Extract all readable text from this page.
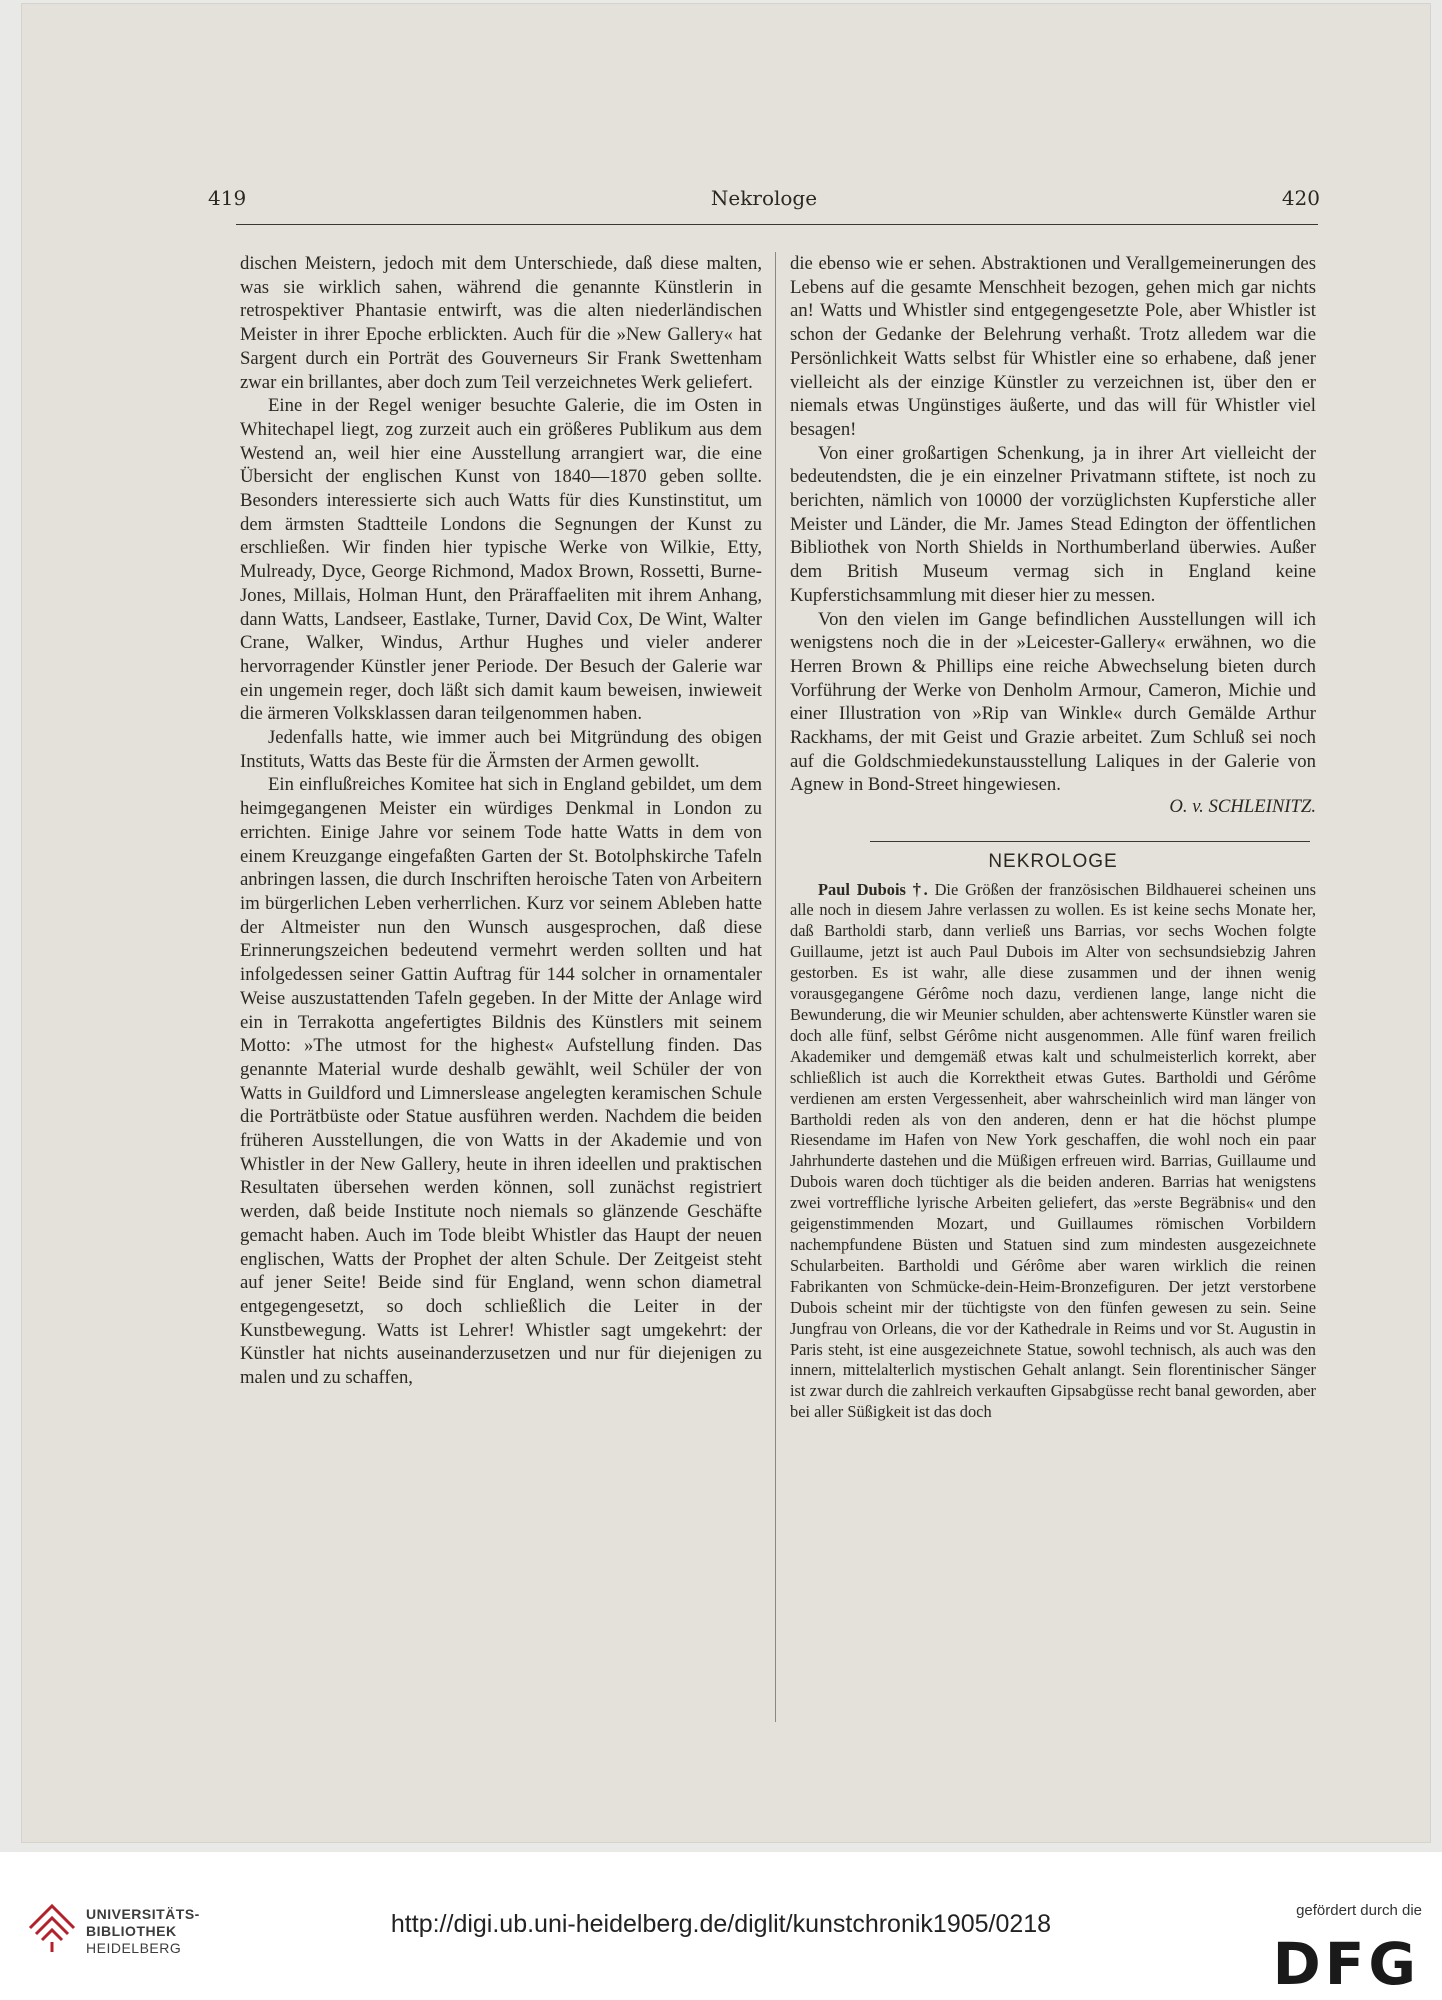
419	Nekrologe	420

dischen Meistern, jedoch mit dem Unterschiede, daß diese malten, was sie wirklich sahen, während die genannte Künstlerin in retrospektiver Phantasie entwirft, was die alten niederländischen Meister in ihrer Epoche erblickten. Auch für die »New Gallery« hat Sargent durch ein Porträt des Gouverneurs Sir Frank Swettenham zwar ein brillantes, aber doch zum Teil verzeichnetes Werk geliefert.

Eine in der Regel weniger besuchte Galerie, die im Osten in Whitechapel liegt, zog zurzeit auch ein größeres Publikum aus dem Westend an, weil hier eine Ausstellung arrangiert war, die eine Übersicht der englischen Kunst von 1840—1870 geben sollte. Besonders interessierte sich auch Watts für dies Kunstinstitut, um dem ärmsten Stadtteile Londons die Segnungen der Kunst zu erschließen. Wir finden hier typische Werke von Wilkie, Etty, Mulready, Dyce, George Richmond, Madox Brown, Rossetti, Burne-Jones, Millais, Holman Hunt, den Präraffaeliten mit ihrem Anhang, dann Watts, Landseer, Eastlake, Turner, David Cox, De Wint, Walter Crane, Walker, Windus, Arthur Hughes und vieler anderer hervorragender Künstler jener Periode. Der Besuch der Galerie war ein ungemein reger, doch läßt sich damit kaum beweisen, inwieweit die ärmeren Volksklassen daran teilgenommen haben.

Jedenfalls hatte, wie immer auch bei Mitgründung des obigen Instituts, Watts das Beste für die Ärmsten der Armen gewollt.

Ein einflußreiches Komitee hat sich in England gebildet, um dem heimgegangenen Meister ein würdiges Denkmal in London zu errichten. Einige Jahre vor seinem Tode hatte Watts in dem von einem Kreuzgange eingefaßten Garten der St. Botolphskirche Tafeln anbringen lassen, die durch Inschriften heroische Taten von Arbeitern im bürgerlichen Leben verherrlichen. Kurz vor seinem Ableben hatte der Altmeister nun den Wunsch ausgesprochen, daß diese Erinnerungszeichen bedeutend vermehrt werden sollten und hat infolgedessen seiner Gattin Auftrag für 144 solcher in ornamentaler Weise auszustattenden Tafeln gegeben. In der Mitte der Anlage wird ein in Terrakotta angefertigtes Bildnis des Künstlers mit seinem Motto: »The utmost for the highest« Aufstellung finden. Das genannte Material wurde deshalb gewählt, weil Schüler der von Watts in Guildford und Limnerslease angelegten keramischen Schule die Porträtbüste oder Statue ausführen werden. Nachdem die beiden früheren Ausstellungen, die von Watts in der Akademie und von Whistler in der New Gallery, heute in ihren ideellen und praktischen Resultaten übersehen werden können, soll zunächst registriert werden, daß beide Institute noch niemals so glänzende Geschäfte gemacht haben. Auch im Tode bleibt Whistler das Haupt der neuen englischen, Watts der Prophet der alten Schule. Der Zeitgeist steht auf jener Seite! Beide sind für England, wenn schon diametral entgegengesetzt, so doch schließlich die Leiter in der Kunstbewegung. Watts ist Lehrer! Whistler sagt umgekehrt: der Künstler hat nichts auseinanderzusetzen und nur für diejenigen zu malen und zu schaffen,

die ebenso wie er sehen. Abstraktionen und Verallgemeinerungen des Lebens auf die gesamte Menschheit bezogen, gehen mich gar nichts an! Watts und Whistler sind entgegengesetzte Pole, aber Whistler ist schon der Gedanke der Belehrung verhaßt. Trotz alledem war die Persönlichkeit Watts selbst für Whistler eine so erhabene, daß jener vielleicht als der einzige Künstler zu verzeichnen ist, über den er niemals etwas Ungünstiges äußerte, und das will für Whistler viel besagen!

Von einer großartigen Schenkung, ja in ihrer Art vielleicht der bedeutendsten, die je ein einzelner Privatmann stiftete, ist noch zu berichten, nämlich von 10000 der vorzüglichsten Kupferstiche aller Meister und Länder, die Mr. James Stead Edington der öffentlichen Bibliothek von North Shields in Northumberland überwies. Außer dem British Museum vermag sich in England keine Kupferstichsammlung mit dieser hier zu messen.

Von den vielen im Gange befindlichen Ausstellungen will ich wenigstens noch die in der »Leicester-Gallery« erwähnen, wo die Herren Brown & Phillips eine reiche Abwechselung bieten durch Vorführung der Werke von Denholm Armour, Cameron, Michie und einer Illustration von »Rip van Winkle« durch Gemälde Arthur Rackhams, der mit Geist und Grazie arbeitet. Zum Schluß sei noch auf die Goldschmiedekunstausstellung Laliques in der Galerie von Agnew in Bond-Street hingewiesen.

O. v. SCHLEINITZ.
NEKROLOGE

Paul Dubois †. Die Größen der französischen Bildhauerei scheinen uns alle noch in diesem Jahre verlassen zu wollen. Es ist keine sechs Monate her, daß Bartholdi starb, dann verließ uns Barrias, vor sechs Wochen folgte Guillaume, jetzt ist auch Paul Dubois im Alter von sechsundsiebzig Jahren gestorben. Es ist wahr, alle diese zusammen und der ihnen wenig vorausgegangene Gérôme noch dazu, verdienen lange, lange nicht die Bewunderung, die wir Meunier schulden, aber achtenswerte Künstler waren sie doch alle fünf, selbst Gérôme nicht ausgenommen. Alle fünf waren freilich Akademiker und demgemäß etwas kalt und schulmeisterlich korrekt, aber schließlich ist auch die Korrektheit etwas Gutes. Bartholdi und Gérôme verdienen am ersten Vergessenheit, aber wahrscheinlich wird man länger von Bartholdi reden als von den anderen, denn er hat die höchst plumpe Riesendame im Hafen von New York geschaffen, die wohl noch ein paar Jahrhunderte dastehen und die Müßigen erfreuen wird. Barrias, Guillaume und Dubois waren doch tüchtiger als die beiden anderen. Barrias hat wenigstens zwei vortreffliche lyrische Arbeiten geliefert, das »erste Begräbnis« und den geigenstimmenden Mozart, und Guillaumes römischen Vorbildern nachempfundene Büsten und Statuen sind zum mindesten ausgezeichnete Schularbeiten. Bartholdi und Gérôme aber waren wirklich die reinen Fabrikanten von Schmücke-dein-Heim-Bronzefiguren. Der jetzt verstorbene Dubois scheint mir der tüchtigste von den fünfen gewesen zu sein. Seine Jungfrau von Orleans, die vor der Kathedrale in Reims und vor St. Augustin in Paris steht, ist eine ausgezeichnete Statue, sowohl technisch, als auch was den innern, mittelalterlich mystischen Gehalt anlangt. Sein florentinischer Sänger ist zwar durch die zahlreich verkauften Gipsabgüsse recht banal geworden, aber bei aller Süßigkeit ist das doch

UNIVERSITÄTS-
BIBLIOTHEK
HEIDELBERG
http://digi.ub.uni-heidelberg.de/diglit/kunstchronik1905/0218	gefördert durch die
DFG
